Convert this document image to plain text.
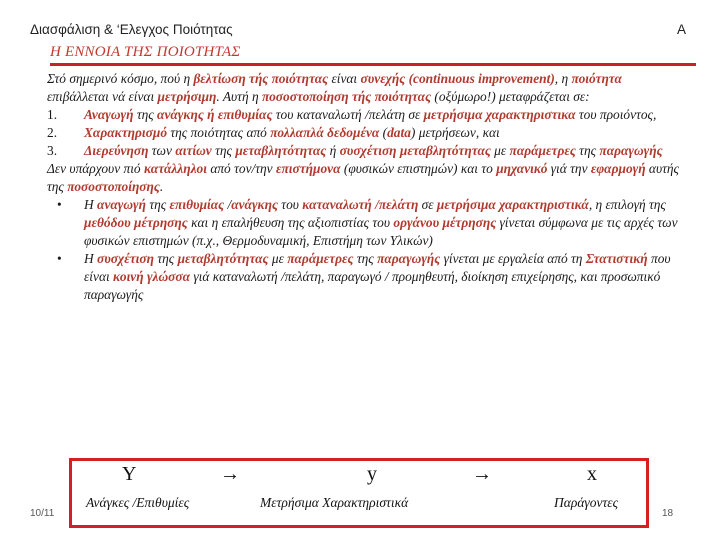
Διασφάλιση & ‘Ελεγχος Ποιότητας	A
Η ΕΝΝΟΙΑ ΤΗΣ ΠΟΙΟΤΗΤΑΣ

Στό σημερινό κόσμο, πού η βελτίωση τής ποιότητας είναι συνεχής (continuous improvement), η ποιότητα επιβάλλεται νά είναι μετρήσιμη. Αυτή η ποσοστοποίηση τής ποιότητας (οξύμωρο!) μεταφράζεται σε:

1.	Αναγωγή της ανάγκης ή επιθυμίας του καταναλωτή /πελάτη σε μετρήσιμα χαρακτηριστικα του προιόντος,
2.	Χαρακτηρισμό της ποιότητας από πολλαπλά δεδομένα (data) μετρήσεων, και
3.	Διερεύνηση των αιτίων της μεταβλητότητας ή συσχέτιση μεταβλητότητας με παράμετρες της παραγωγής

Δεν υπάρχουν πιό κατάλληλοι από τον/την επιστήμονα (φυσικών επιστημών) και το μηχανικό γιά την εφαρμογή αυτής της ποσοστοποίησης.

•	Η αναγωγή της επιθυμίας /ανάγκης του καταναλωτή /πελάτη σε μετρήσιμα χαρακτηριστικά, η επιλογή της μεθόδου μέτρησης και η επαλήθευση της αξιοπιστίας του οργάνου μέτρησης γίνεται σύμφωνα με τις αρχές των φυσικών επιστημών (π.χ., Θερμοδυναμική, Επιστήμη των Υλικών)
•	Η συσχέτιση της μεταβλητότητας με παράμετρες της παραγωγής γίνεται με εργαλεία από τη Στατιστική που είναι κοινή γλώσσα γιά καταναλωτή /πελάτη, παραγωγό / προμηθευτή, διοίκηση επιχείρησης, και προσωπικό παραγωγής
Y	→	y	→	x
Ανάγκες /Επιθυμίες	Μετρήσιμα Χαρακτηριστικά	Παράγοντες
10/11	18
